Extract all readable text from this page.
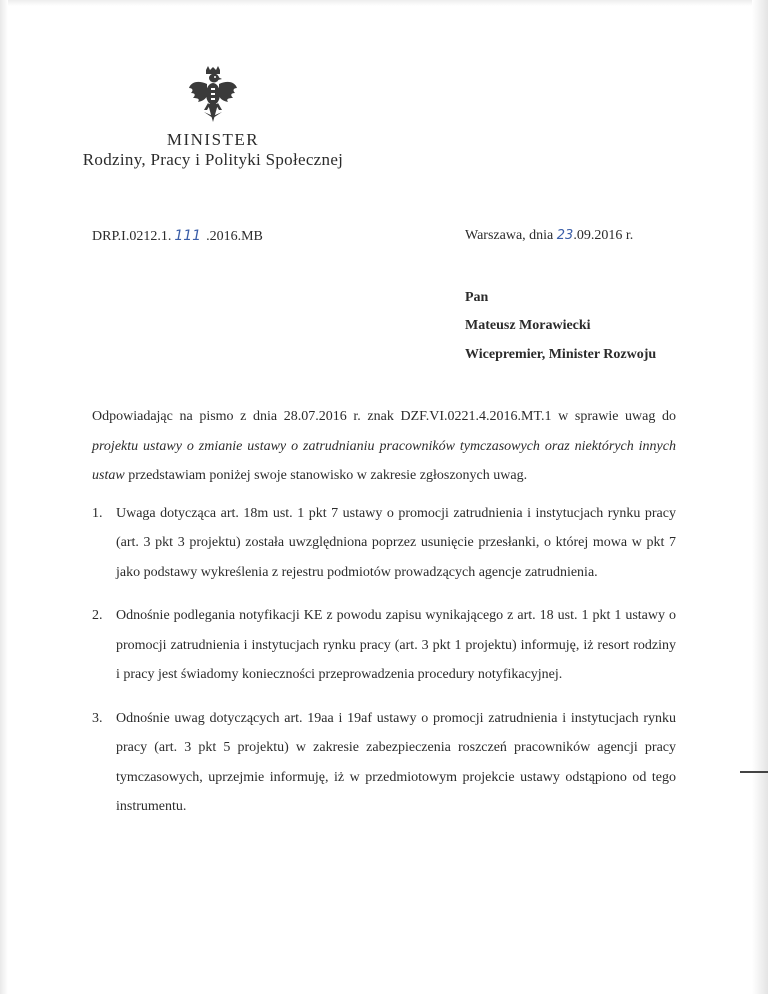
MINISTER
Rodziny, Pracy i Polityki Społecznej
DRP.I.0212.1. 111 .2016.MB	Warszawa, dnia 23.09.2016 r.
Pan
Mateusz Morawiecki
Wicepremier, Minister Rozwoju

Odpowiadając na pismo z dnia 28.07.2016 r. znak DZF.VI.0221.4.2016.MT.1 w sprawie uwag do projektu ustawy o zmianie ustawy o zatrudnianiu pracowników tymczasowych oraz niektórych innych ustaw przedstawiam poniżej swoje stanowisko w zakresie zgłoszonych uwag.

1. Uwaga dotycząca art. 18m ust. 1 pkt 7 ustawy o promocji zatrudnienia i instytucjach rynku pracy (art. 3 pkt 3 projektu) została uwzględniona poprzez usunięcie przesłanki, o której mowa w pkt 7 jako podstawy wykreślenia z rejestru podmiotów prowadzących agencje zatrudnienia.
2. Odnośnie podlegania notyfikacji KE z powodu zapisu wynikającego z art. 18 ust. 1 pkt 1 ustawy o promocji zatrudnienia i instytucjach rynku pracy (art. 3 pkt 1 projektu) informuję, iż resort rodziny i pracy jest świadomy konieczności przeprowadzenia procedury notyfikacyjnej.
3. Odnośnie uwag dotyczących art. 19aa i 19af ustawy o promocji zatrudnienia i instytucjach rynku pracy (art. 3 pkt 5 projektu) w zakresie zabezpieczenia roszczeń pracowników agencji pracy tymczasowych, uprzejmie informuję, iż w przedmiotowym projekcie ustawy odstąpiono od tego instrumentu.
